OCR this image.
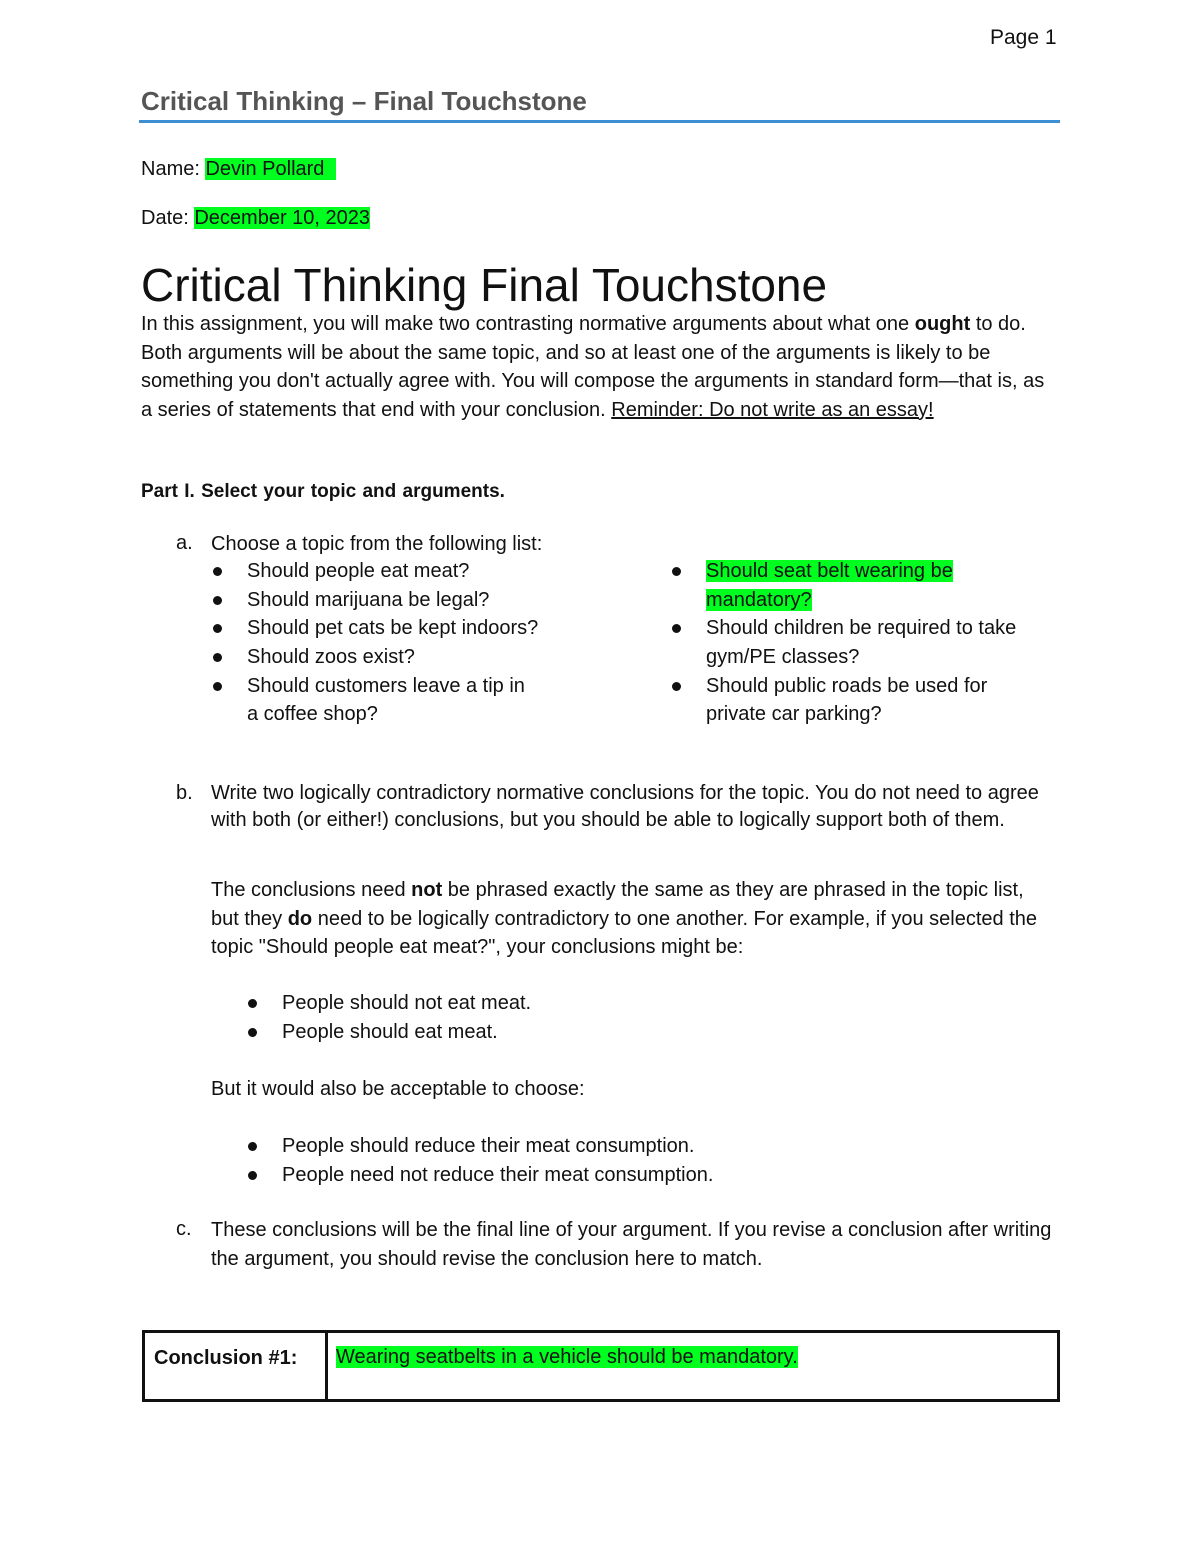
Page 1
Critical Thinking – Final Touchstone
Name: Devin Pollard
Date: December 10, 2023
Critical Thinking Final Touchstone
In this assignment, you will make two contrasting normative arguments about what one ought to do. Both arguments will be about the same topic, and so at least one of the arguments is likely to be something you don't actually agree with. You will compose the arguments in standard form—that is, as a series of statements that end with your conclusion. Reminder: Do not write as an essay!
Part I. Select your topic and arguments.
a. Choose a topic from the following list:
Should people eat meat?
Should marijuana be legal?
Should pet cats be kept indoors?
Should zoos exist?
Should customers leave a tip in
a coffee shop?
Should seat belt wearing be
mandatory?
Should children be required to take
gym/PE classes?
Should public roads be used for
private car parking?
b. Write two logically contradictory normative conclusions for the topic. You do not need to agree with both (or either!) conclusions, but you should be able to logically support both of them.
The conclusions need not be phrased exactly the same as they are phrased in the topic list, but they do need to be logically contradictory to one another. For example, if you selected the topic "Should people eat meat?", your conclusions might be:
People should not eat meat.
People should eat meat.
But it would also be acceptable to choose:
People should reduce their meat consumption.
People need not reduce their meat consumption.
c. These conclusions will be the final line of your argument. If you revise a conclusion after writing the argument, you should revise the conclusion here to match.
Conclusion #1:	Wearing seatbelts in a vehicle should be mandatory.
